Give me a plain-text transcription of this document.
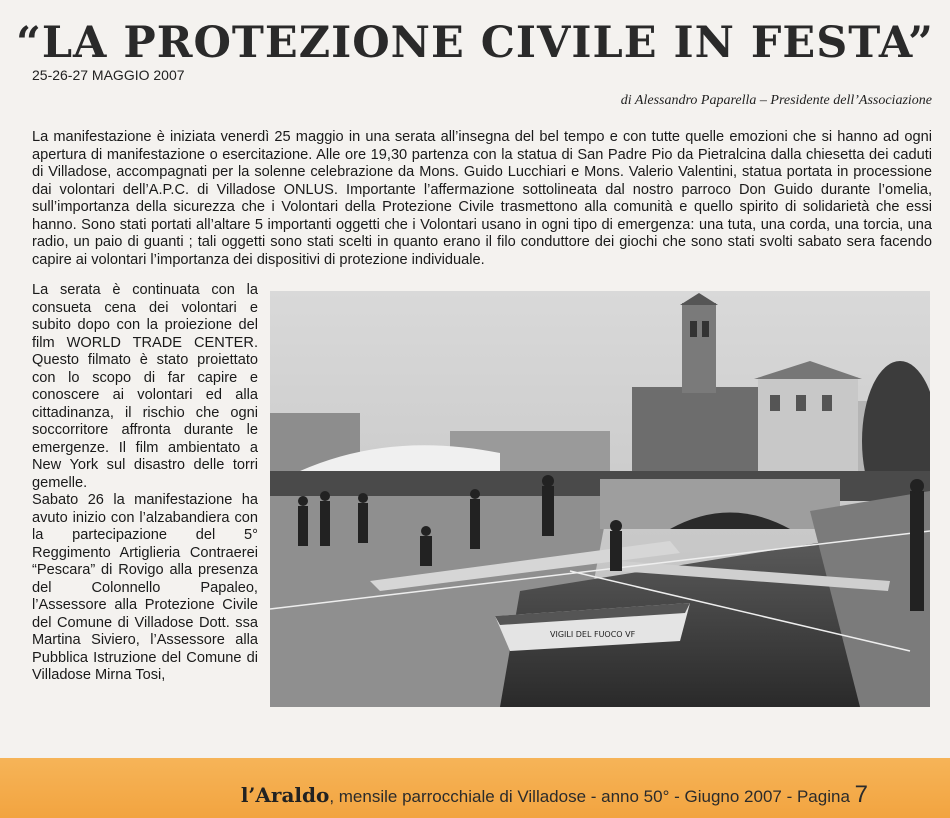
“LA PROTEZIONE CIVILE IN FESTA”
25-26-27 MAGGIO 2007
di Alessandro Paparella – Presidente dell’Associazione

La manifestazione è iniziata venerdì 25 maggio in una serata all’insegna del bel tempo e con tutte quelle emozioni che si hanno ad ogni apertura di manifestazione o esercitazione. Alle ore 19,30 partenza con la statua di San Padre Pio da Pietralcina dalla chiesetta dei caduti di Villadose, accompagnati per la solenne celebrazione da Mons. Guido Lucchiari e Mons. Valerio Valentini, statua portata in processione dai volontari dell’A.P.C. di Villadose ONLUS. Importante l’affermazione sottolineata dal nostro parroco Don Guido durante l’omelia, sull’importanza della sicurezza che i Volontari della Protezione Civile trasmettono alla comunità e quello spirito di solidarietà che essi hanno. Sono stati portati all’altare 5 importanti oggetti che i Volontari usano in ogni tipo di emergenza: una tuta, una corda, una torcia, una radio, un paio di guanti ; tali oggetti sono stati scelti in quanto erano il filo conduttore dei giochi che sono stati svolti sabato sera facendo capire ai volontari l’importanza dei dispositivi di protezione individuale.

La serata è continuata con la consueta cena dei volontari e subito dopo con la proiezione del film WORLD TRADE CENTER. Questo filmato è stato proiettato con lo scopo di far capire e conoscere ai volontari ed alla cittadinanza, il rischio che ogni soccorritore affronta durante le emergenze. Il film ambientato a New York sul disastro delle torri gemelle.

Sabato 26 la manifestazione ha avuto inizio con l’alzabandiera con la partecipazione del 5° Reggimento Artiglieria Contraerei “Pescara” di Rovigo alla presenza del Colonnello Papaleo, l’Assessore alla Protezione Civile del Comune di Villadose Dott. ssa Martina Siviero, l’Assessore alla Pubblica Istruzione del Comune di Villadose Mirna Tosi,

VIGILI DEL FUOCO VF
l’Araldo, mensile parrocchiale di Villadose - anno 50° - Giugno 2007 - Pagina 7
